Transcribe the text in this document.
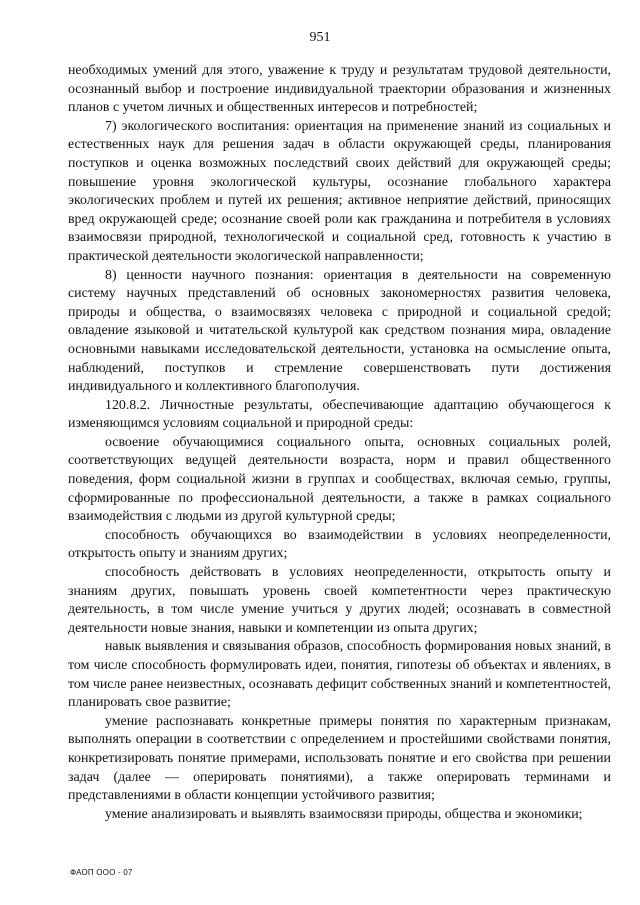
951

необходимых умений для этого, уважение к труду и результатам трудовой деятельности, осознанный выбор и построение индивидуальной траектории образования и жизненных планов с учетом личных и общественных интересов и потребностей;

7) экологического воспитания: ориентация на применение знаний из социальных и естественных наук для решения задач в области окружающей среды, планирования поступков и оценка возможных последствий своих действий для окружающей среды; повышение уровня экологической культуры, осознание глобального характера экологических проблем и путей их решения; активное неприятие действий, приносящих вред окружающей среде; осознание своей роли как гражданина и потребителя в условиях взаимосвязи природной, технологической и социальной сред, готовность к участию в практической деятельности экологической направленности;

8) ценности научного познания: ориентация в деятельности на современную систему научных представлений об основных закономерностях развития человека, природы и общества, о взаимосвязях человека с природной и социальной средой; овладение языковой и читательской культурой как средством познания мира, овладение основными навыками исследовательской деятельности, установка на осмысление опыта, наблюдений, поступков и стремление совершенствовать пути достижения индивидуального и коллективного благополучия.

120.8.2. Личностные результаты, обеспечивающие адаптацию обучающегося к изменяющимся условиям социальной и природной среды:

освоение обучающимися социального опыта, основных социальных ролей, соответствующих ведущей деятельности возраста, норм и правил общественного поведения, форм социальной жизни в группах и сообществах, включая семью, группы, сформированные по профессиональной деятельности, а также в рамках социального взаимодействия с людьми из другой культурной среды;

способность обучающихся во взаимодействии в условиях неопределенности, открытость опыту и знаниям других;

способность действовать в условиях неопределенности, открытость опыту и знаниям других, повышать уровень своей компетентности через практическую деятельность, в том числе умение учиться у других людей; осознавать в совместной деятельности новые знания, навыки и компетенции из опыта других;

навык выявления и связывания образов, способность формирования новых знаний, в том числе способность формулировать идеи, понятия, гипотезы об объектах и явлениях, в том числе ранее неизвестных, осознавать дефицит собственных знаний и компетентностей, планировать свое развитие;

умение распознавать конкретные примеры понятия по характерным признакам, выполнять операции в соответствии с определением и простейшими свойствами понятия, конкретизировать понятие примерами, использовать понятие и его свойства при решении задач (далее — оперировать понятиями), а также оперировать терминами и представлениями в области концепции устойчивого развития;

умение анализировать и выявлять взаимосвязи природы, общества и экономики;

ФАОП ООО - 07
